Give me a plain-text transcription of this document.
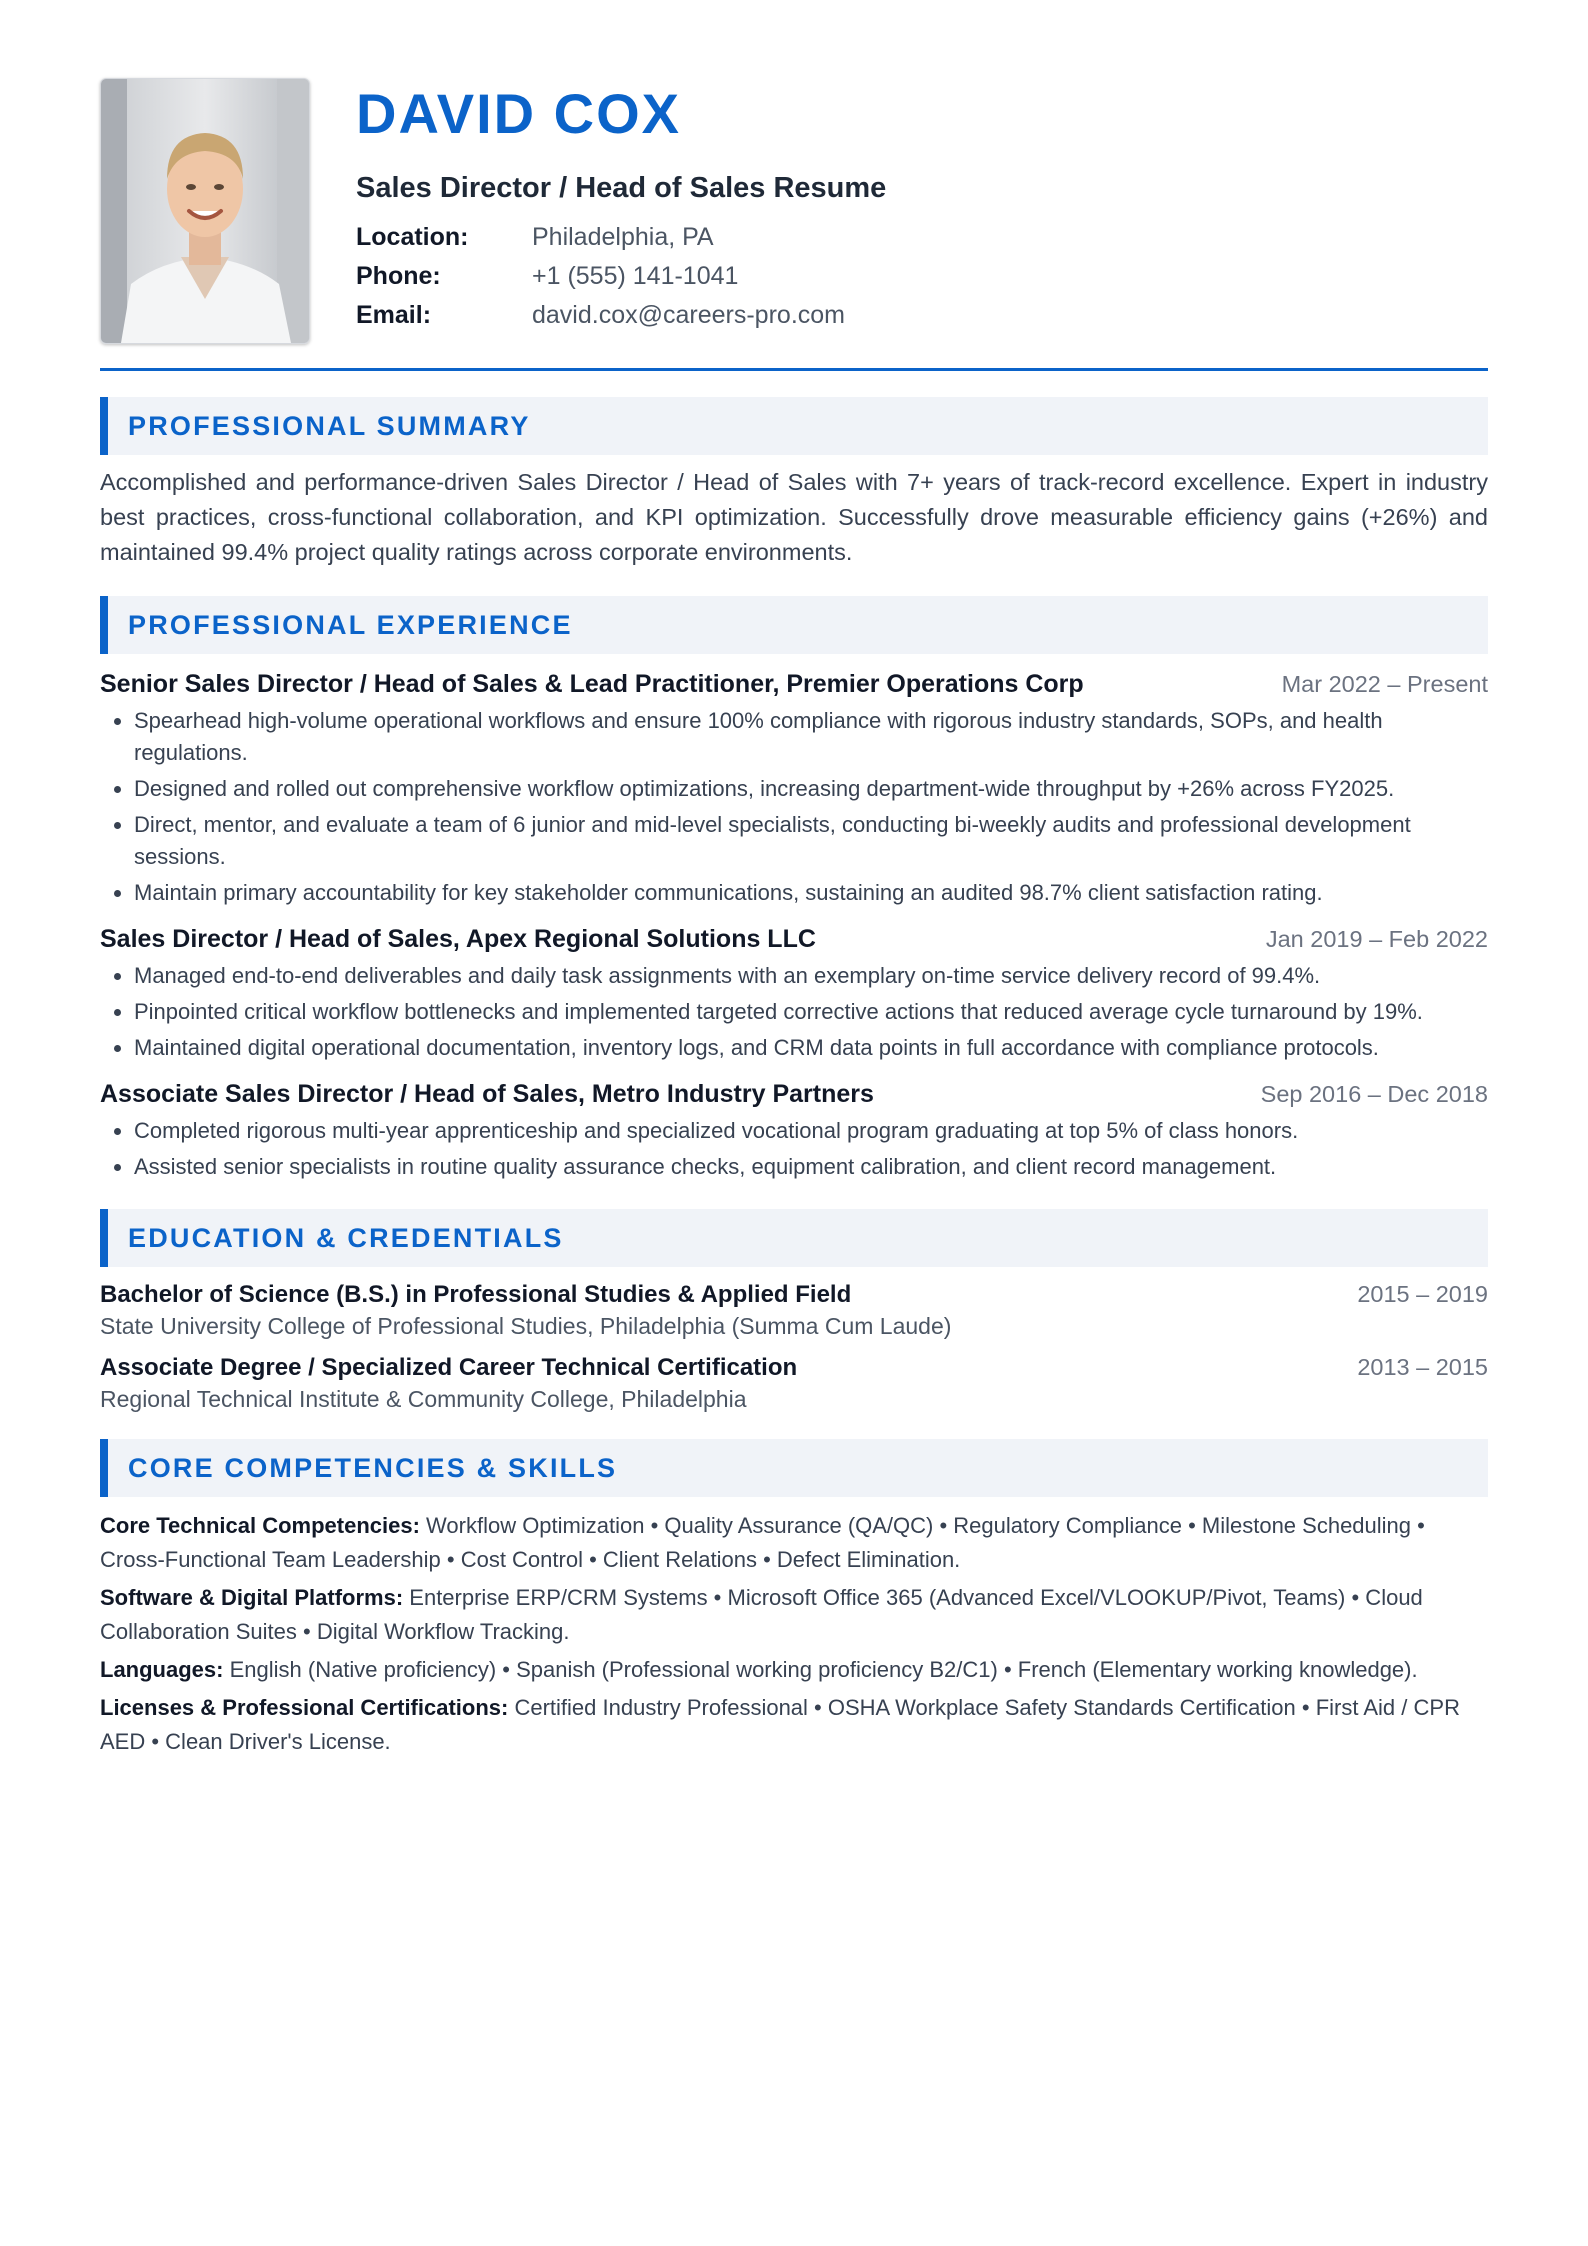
DAVID COX
Sales Director / Head of Sales Resume
Location:	Philadelphia, PA
Phone:	+1 (555) 141-1041
Email:	david.cox@careers-pro.com
PROFESSIONAL SUMMARY
Accomplished and performance-driven Sales Director / Head of Sales with 7+ years of track-record excellence. Expert in industry best practices, cross-functional collaboration, and KPI optimization. Successfully drove measurable efficiency gains (+26%) and maintained 99.4% project quality ratings across corporate environments.
PROFESSIONAL EXPERIENCE
Senior Sales Director / Head of Sales & Lead Practitioner, Premier Operations Corp	Mar 2022 – Present
• Spearhead high-volume operational workflows and ensure 100% compliance with rigorous industry standards, SOPs, and health regulations.
• Designed and rolled out comprehensive workflow optimizations, increasing department-wide throughput by +26% across FY2025.
• Direct, mentor, and evaluate a team of 6 junior and mid-level specialists, conducting bi-weekly audits and professional development sessions.
• Maintain primary accountability for key stakeholder communications, sustaining an audited 98.7% client satisfaction rating.
Sales Director / Head of Sales, Apex Regional Solutions LLC	Jan 2019 – Feb 2022
• Managed end-to-end deliverables and daily task assignments with an exemplary on-time service delivery record of 99.4%.
• Pinpointed critical workflow bottlenecks and implemented targeted corrective actions that reduced average cycle turnaround by 19%.
• Maintained digital operational documentation, inventory logs, and CRM data points in full accordance with compliance protocols.
Associate Sales Director / Head of Sales, Metro Industry Partners	Sep 2016 – Dec 2018
• Completed rigorous multi-year apprenticeship and specialized vocational program graduating at top 5% of class honors.
• Assisted senior specialists in routine quality assurance checks, equipment calibration, and client record management.
EDUCATION & CREDENTIALS
Bachelor of Science (B.S.) in Professional Studies & Applied Field	2015 – 2019
State University College of Professional Studies, Philadelphia (Summa Cum Laude)
Associate Degree / Specialized Career Technical Certification	2013 – 2015
Regional Technical Institute & Community College, Philadelphia
CORE COMPETENCIES & SKILLS
Core Technical Competencies: Workflow Optimization • Quality Assurance (QA/QC) • Regulatory Compliance • Milestone Scheduling • Cross-Functional Team Leadership • Cost Control • Client Relations • Defect Elimination.
Software & Digital Platforms: Enterprise ERP/CRM Systems • Microsoft Office 365 (Advanced Excel/VLOOKUP/Pivot, Teams) • Cloud Collaboration Suites • Digital Workflow Tracking.
Languages: English (Native proficiency) • Spanish (Professional working proficiency B2/C1) • French (Elementary working knowledge).
Licenses & Professional Certifications: Certified Industry Professional • OSHA Workplace Safety Standards Certification • First Aid / CPR AED • Clean Driver's License.
